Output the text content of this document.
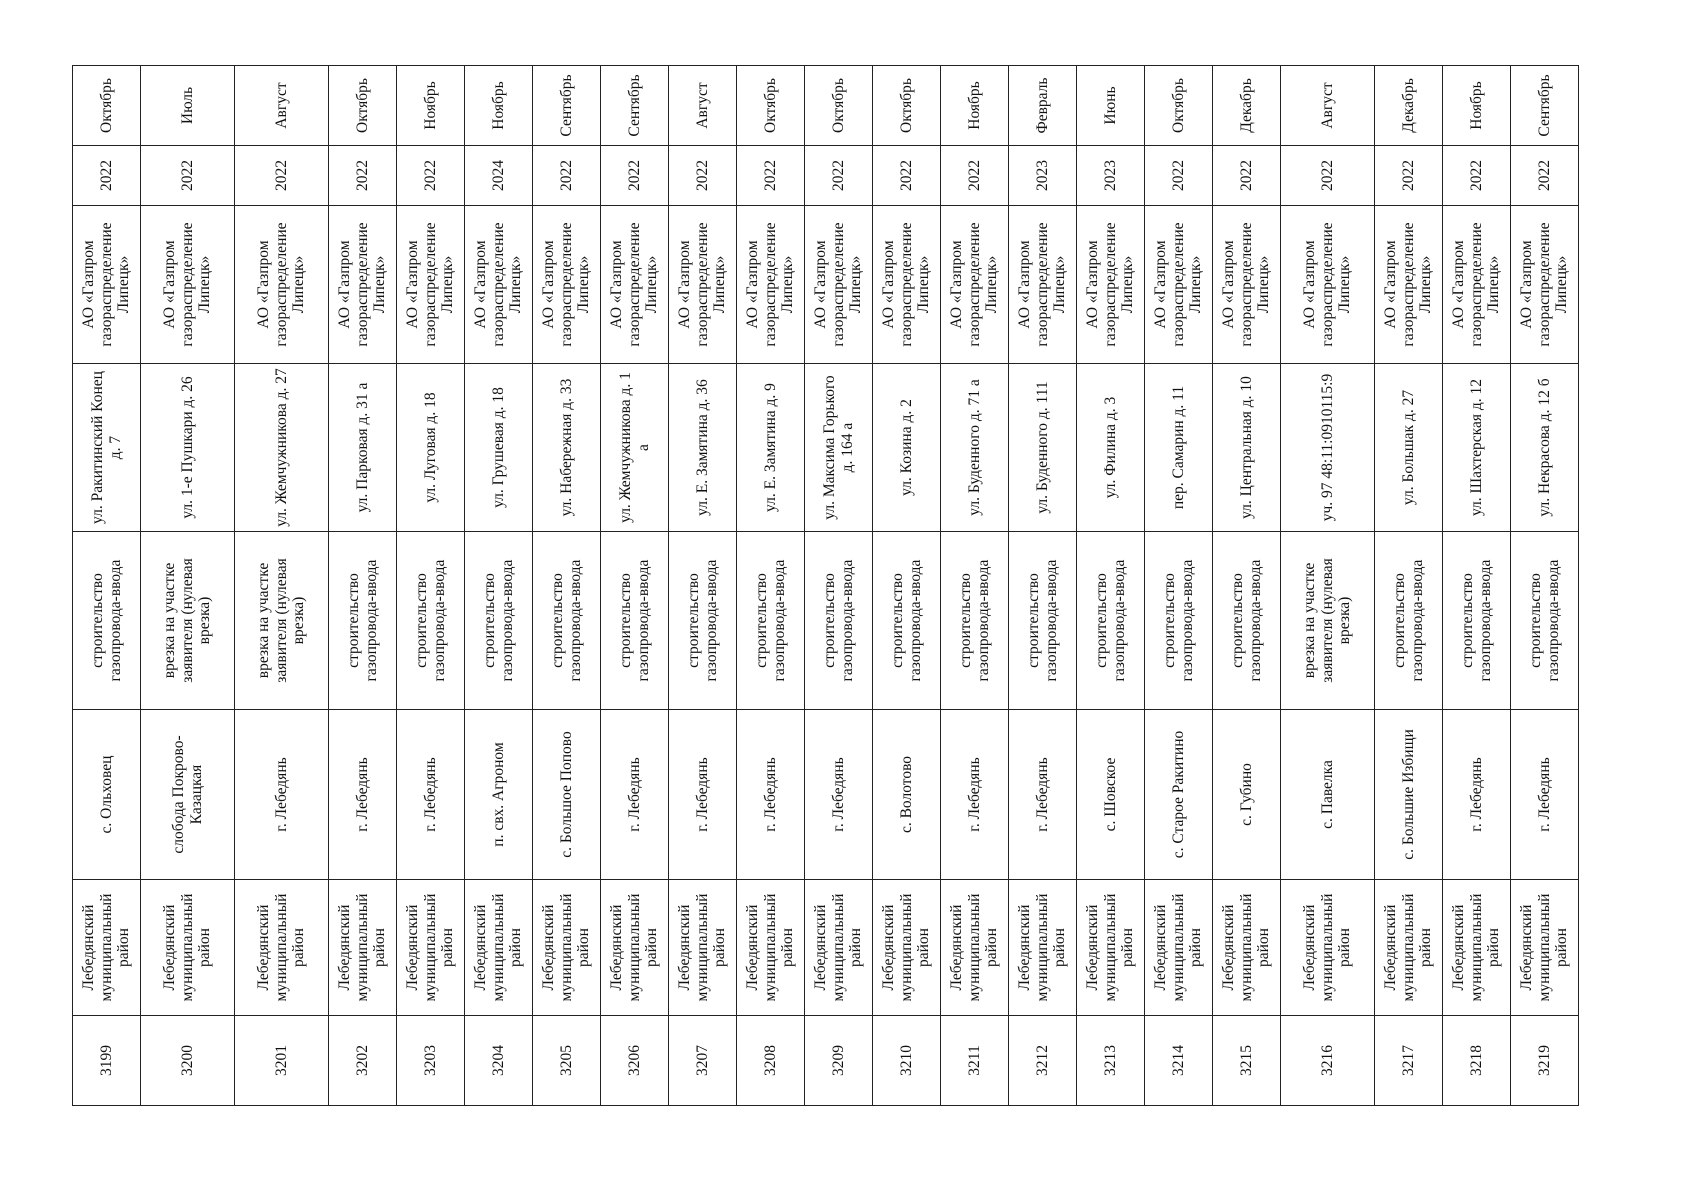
3199	Лебедянский муниципальный район	с. Ольховец	строительство газопровода-ввода	ул. Ракитинский Конец д. 7	АО «Газпром газораспределение Липецк»	2022	Октябрь
3200	Лебедянский муниципальный район	слобода Покрово-Казацкая	врезка на участке заявителя (нулевая врезка)	ул. 1-е Пушкари д. 26	АО «Газпром газораспределение Липецк»	2022	Июль
3201	Лебедянский муниципальный район	г. Лебедянь	врезка на участке заявителя (нулевая врезка)	ул. Жемчужникова д. 27	АО «Газпром газораспределение Липецк»	2022	Август
3202	Лебедянский муниципальный район	г. Лебедянь	строительство газопровода-ввода	ул. Парковая д. 31 а	АО «Газпром газораспределение Липецк»	2022	Октябрь
3203	Лебедянский муниципальный район	г. Лебедянь	строительство газопровода-ввода	ул. Луговая д. 18	АО «Газпром газораспределение Липецк»	2022	Ноябрь
3204	Лебедянский муниципальный район	п. свх. Агроном	строительство газопровода-ввода	ул. Грушевая д. 18	АО «Газпром газораспределение Липецк»	2024	Ноябрь
3205	Лебедянский муниципальный район	с. Большое Попово	строительство газопровода-ввода	ул. Набережная д. 33	АО «Газпром газораспределение Липецк»	2022	Сентябрь
3206	Лебедянский муниципальный район	г. Лебедянь	строительство газопровода-ввода	ул. Жемчужникова д. 1 а	АО «Газпром газораспределение Липецк»	2022	Сентябрь
3207	Лебедянский муниципальный район	г. Лебедянь	строительство газопровода-ввода	ул. Е. Замятина д. 36	АО «Газпром газораспределение Липецк»	2022	Август
3208	Лебедянский муниципальный район	г. Лебедянь	строительство газопровода-ввода	ул. Е. Замятина д. 9	АО «Газпром газораспределение Липецк»	2022	Октябрь
3209	Лебедянский муниципальный район	г. Лебедянь	строительство газопровода-ввода	ул. Максима Горького д. 164 а	АО «Газпром газораспределение Липецк»	2022	Октябрь
3210	Лебедянский муниципальный район	с. Волотово	строительство газопровода-ввода	ул. Козина д. 2	АО «Газпром газораспределение Липецк»	2022	Октябрь
3211	Лебедянский муниципальный район	г. Лебедянь	строительство газопровода-ввода	ул. Буденного д. 71 а	АО «Газпром газораспределение Липецк»	2022	Ноябрь
3212	Лебедянский муниципальный район	г. Лебедянь	строительство газопровода-ввода	ул. Буденного д. 111	АО «Газпром газораспределение Липецк»	2023	Февраль
3213	Лебедянский муниципальный район	с. Шовское	строительство газопровода-ввода	ул. Филина д. 3	АО «Газпром газораспределение Липецк»	2023	Июнь
3214	Лебедянский муниципальный район	с. Старое Ракитино	строительство газопровода-ввода	пер. Самарин д. 11	АО «Газпром газораспределение Липецк»	2022	Октябрь
3215	Лебедянский муниципальный район	с. Губино	строительство газопровода-ввода	ул. Центральная д. 10	АО «Газпром газораспределение Липецк»	2022	Декабрь
3216	Лебедянский муниципальный район	с. Павелка	врезка на участке заявителя (нулевая врезка)	уч. 97 48:11:0910115:9	АО «Газпром газораспределение Липецк»	2022	Август
3217	Лебедянский муниципальный район	с. Большие Избищи	строительство газопровода-ввода	ул. Большак д. 27	АО «Газпром газораспределение Липецк»	2022	Декабрь
3218	Лебедянский муниципальный район	г. Лебедянь	строительство газопровода-ввода	ул. Шахтерская д. 12	АО «Газпром газораспределение Липецк»	2022	Ноябрь
3219	Лебедянский муниципальный район	г. Лебедянь	строительство газопровода-ввода	ул. Некрасова д. 12 б	АО «Газпром газораспределение Липецк»	2022	Сентябрь
